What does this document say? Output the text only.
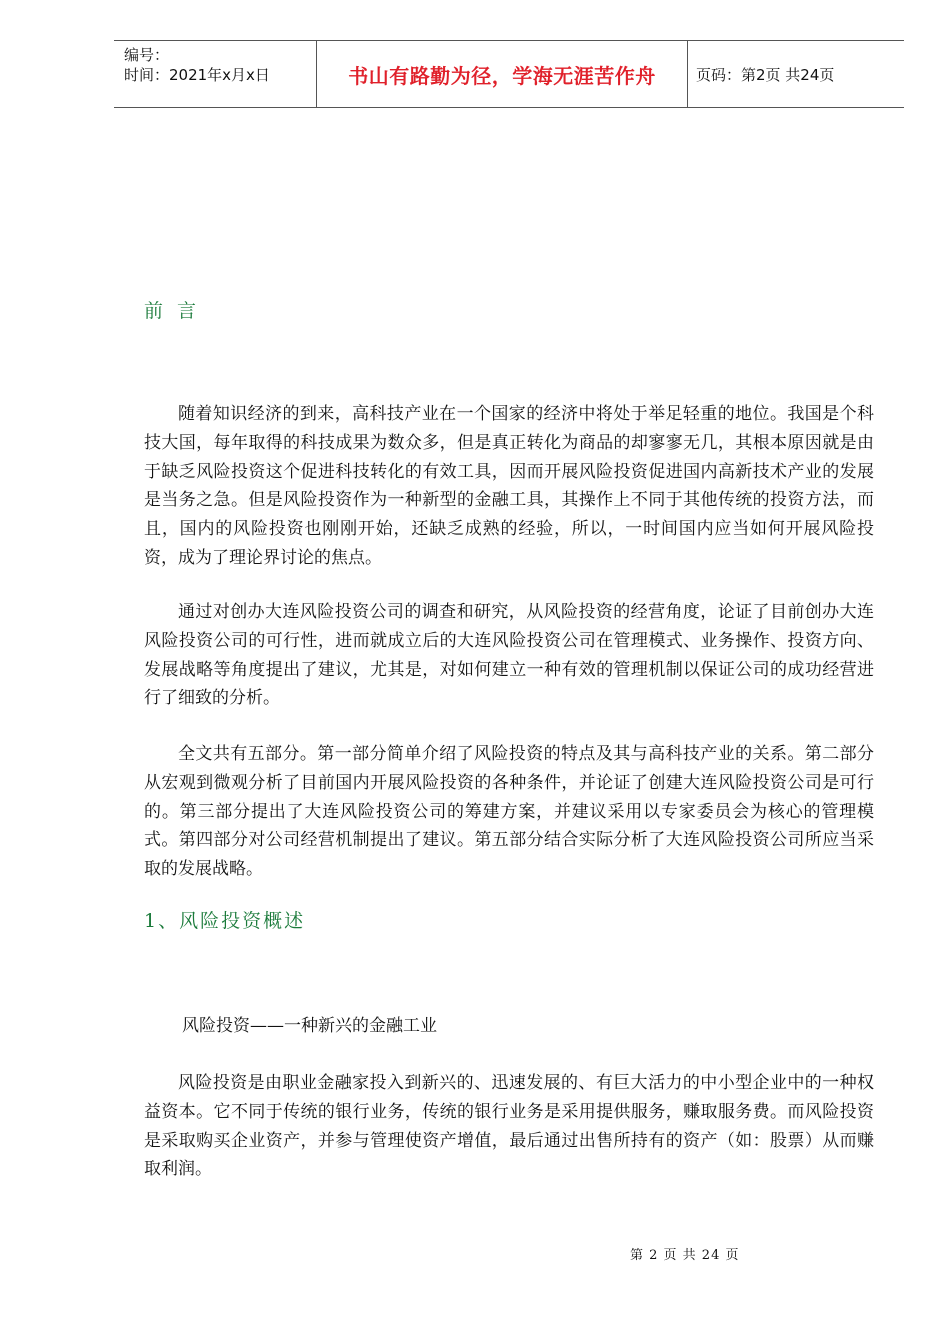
编号：
时间：2021年x月x日	书山有路勤为径，学海无涯苦作舟	页码：第2页 共24页
前言

随着知识经济的到来，高科技产业在一个国家的经济中将处于举足轻重的地位。我国是个科技大国，每年取得的科技成果为数众多，但是真正转化为商品的却寥寥无几，其根本原因就是由于缺乏风险投资这个促进科技转化的有效工具，因而开展风险投资促进国内高新技术产业的发展是当务之急。但是风险投资作为一种新型的金融工具，其操作上不同于其他传统的投资方法，而且，国内的风险投资也刚刚开始，还缺乏成熟的经验，所以，一时间国内应当如何开展风险投资，成为了理论界讨论的焦点。

通过对创办大连风险投资公司的调查和研究，从风险投资的经营角度，论证了目前创办大连风险投资公司的可行性，进而就成立后的大连风险投资公司在管理模式、业务操作、投资方向、发展战略等角度提出了建议，尤其是，对如何建立一种有效的管理机制以保证公司的成功经营进行了细致的分析。

全文共有五部分。第一部分简单介绍了风险投资的特点及其与高科技产业的关系。第二部分从宏观到微观分析了目前国内开展风险投资的各种条件，并论证了创建大连风险投资公司是可行的。第三部分提出了大连风险投资公司的筹建方案，并建议采用以专家委员会为核心的管理模式。第四部分对公司经营机制提出了建议。第五部分结合实际分析了大连风险投资公司所应当采取的发展战略。

1、风险投资概述

风险投资——一种新兴的金融工业

风险投资是由职业金融家投入到新兴的、迅速发展的、有巨大活力的中小型企业中的一种权益资本。它不同于传统的银行业务，传统的银行业务是采用提供服务，赚取服务费。而风险投资是采取购买企业资产，并参与管理使资产增值，最后通过出售所持有的资产（如：股票）从而赚取利润。

第 2 页 共 24 页
